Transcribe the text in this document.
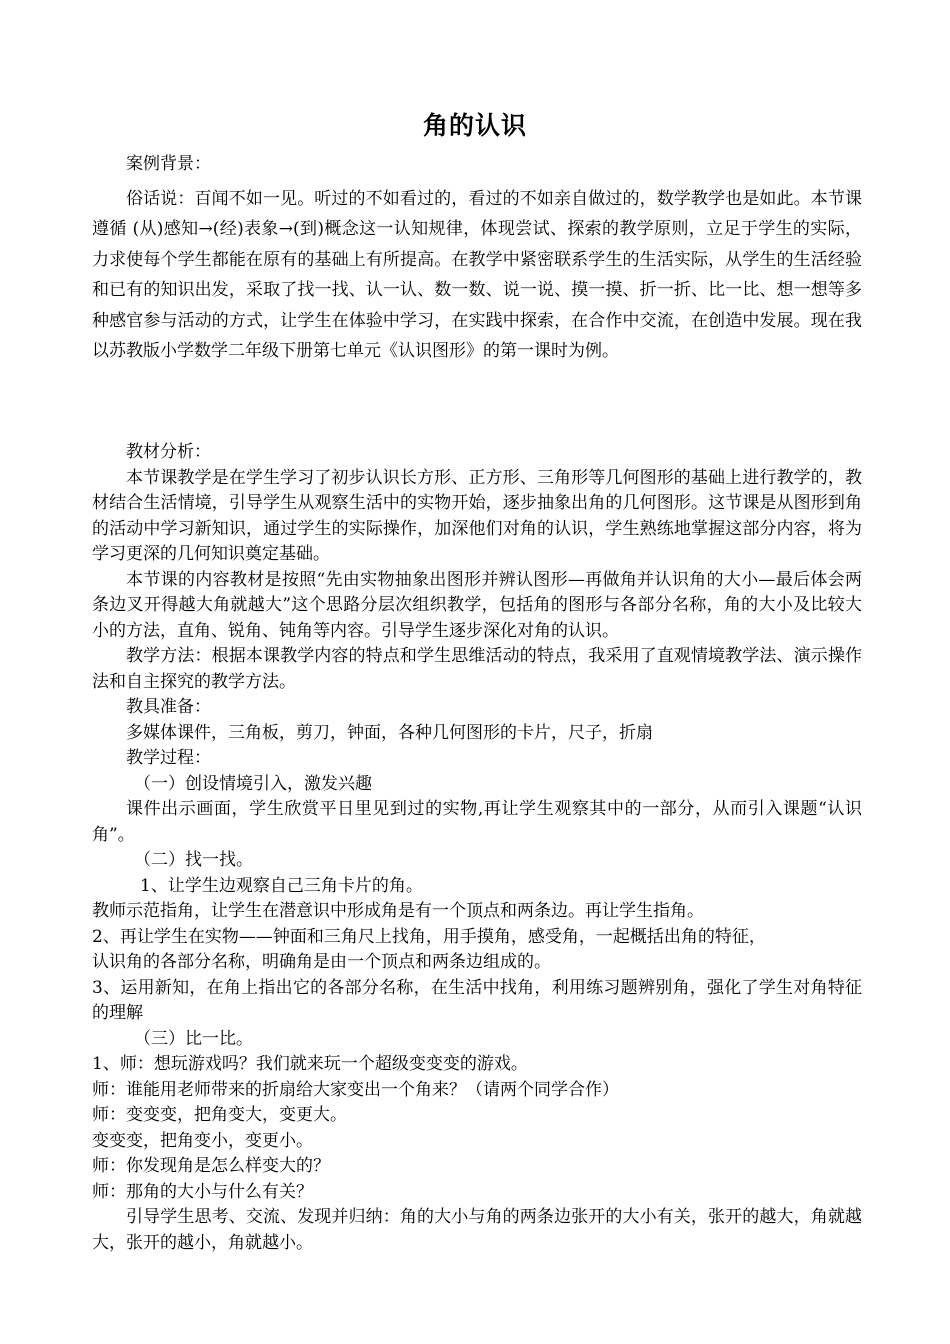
角的认识
案例背景：
俗话说：百闻不如一见。听过的不如看过的，看过的不如亲自做过的，数学教学也是如此。本节课遵循 (从)感知→(经)表象→(到)概念这一认知规律，体现尝试、探索的教学原则，立足于学生的实际，力求使每个学生都能在原有的基础上有所提高。在教学中紧密联系学生的生活实际，从学生的生活经验和已有的知识出发，采取了找一找、认一认、数一数、说一说、摸一摸、折一折、比一比、想一想等多种感官参与活动的方式，让学生在体验中学习，在实践中探索，在合作中交流，在创造中发展。现在我以苏教版小学数学二年级下册第七单元《认识图形》的第一课时为例。
教材分析：
本节课教学是在学生学习了初步认识长方形、正方形、三角形等几何图形的基础上进行教学的，教材结合生活情境，引导学生从观察生活中的实物开始，逐步抽象出角的几何图形。这节课是从图形到角的活动中学习新知识，通过学生的实际操作，加深他们对角的认识，学生熟练地掌握这部分内容，将为学习更深的几何知识奠定基础。
本节课的内容教材是按照“先由实物抽象出图形并辨认图形—再做角并认识角的大小—最后体会两条边叉开得越大角就越大”这个思路分层次组织教学，包括角的图形与各部分名称，角的大小及比较大小的方法，直角、锐角、钝角等内容。引导学生逐步深化对角的认识。
教学方法：根据本课教学内容的特点和学生思维活动的特点，我采用了直观情境教学法、演示操作法和自主探究的教学方法。
教具准备：
多媒体课件，三角板，剪刀，钟面，各种几何图形的卡片，尺子，折扇
教学过程：
（一）创设情境引入，激发兴趣
课件出示画面，学生欣赏平日里见到过的实物,再让学生观察其中的一部分，从而引入课题“认识角”。
（二）找一找。
1、让学生边观察自己三角卡片的角。
教师示范指角，让学生在潜意识中形成角是有一个顶点和两条边。再让学生指角。
2、再让学生在实物——钟面和三角尺上找角，用手摸角，感受角，一起概括出角的特征，
认识角的各部分名称，明确角是由一个顶点和两条边组成的。
3、运用新知，在角上指出它的各部分名称，在生活中找角，利用练习题辨别角，强化了学生对角特征的理解
（三）比一比。
1、师：想玩游戏吗？我们就来玩一个超级变变变的游戏。
师：谁能用老师带来的折扇给大家变出一个角来？（请两个同学合作）
师：变变变，把角变大，变更大。
变变变，把角变小，变更小。
师：你发现角是怎么样变大的？
师：那角的大小与什么有关？
引导学生思考、交流、发现并归纳：角的大小与角的两条边张开的大小有关，张开的越大，角就越大，张开的越小，角就越小。
